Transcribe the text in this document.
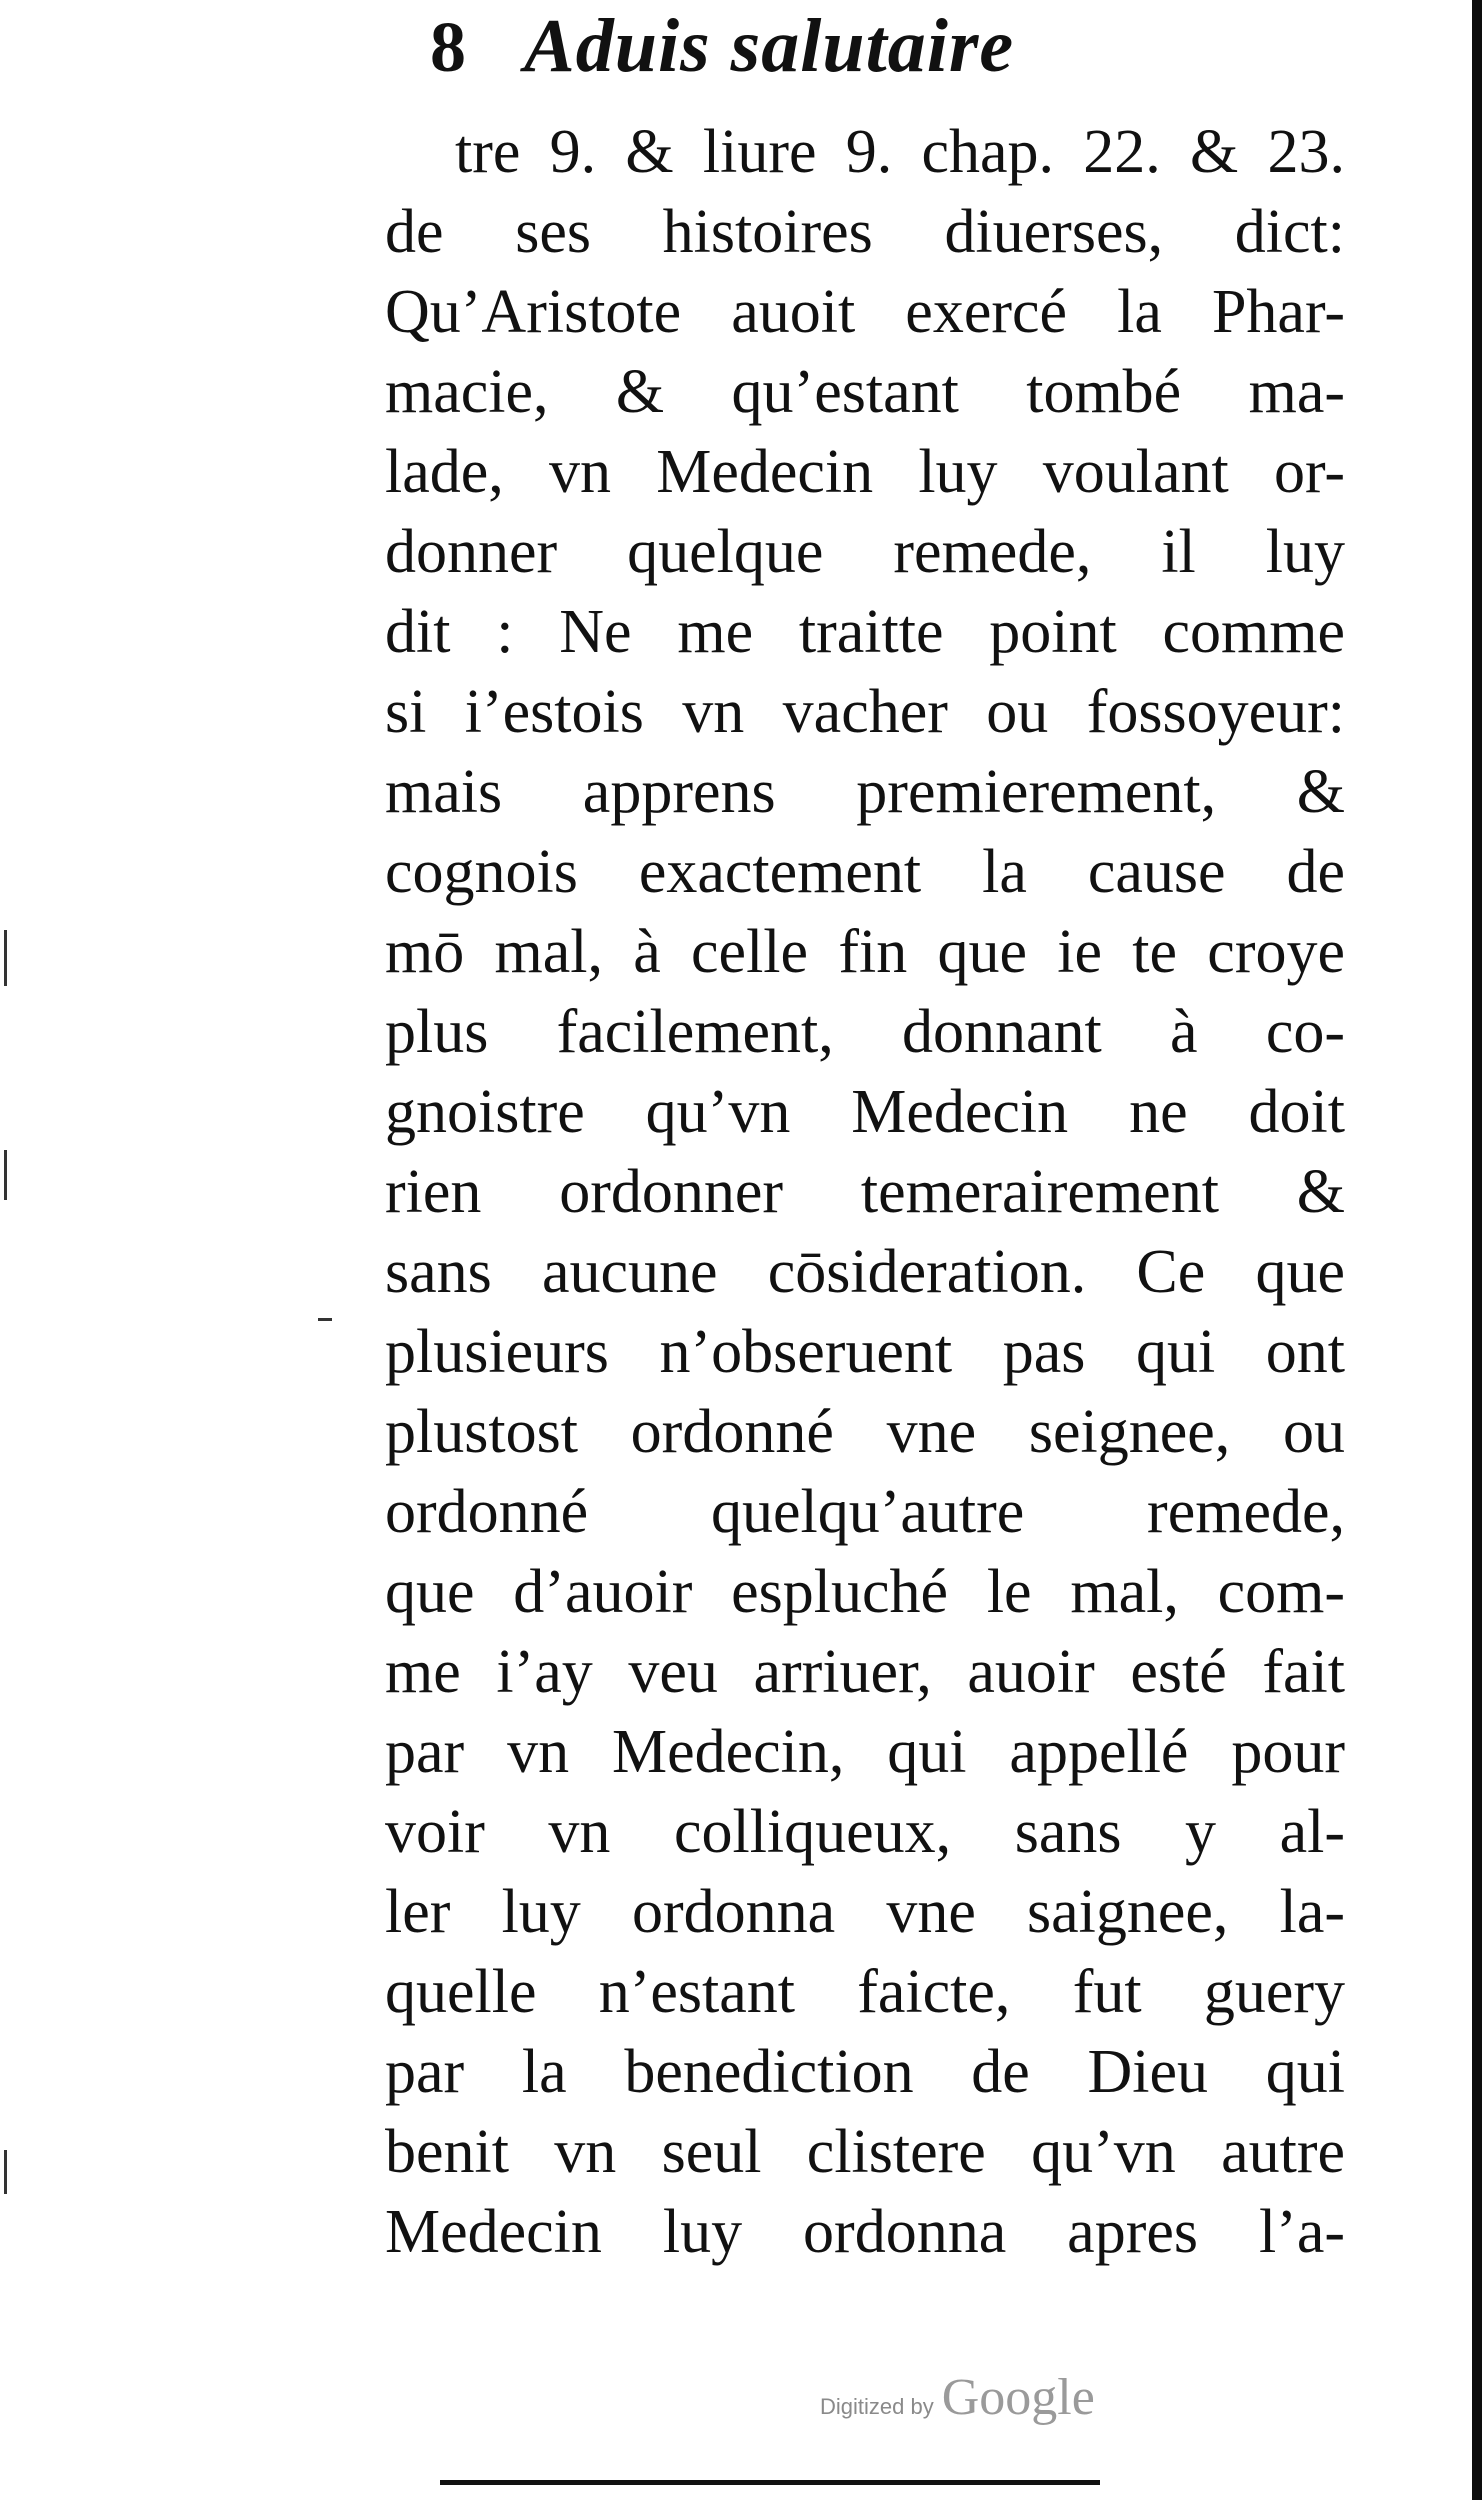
8 Aduis salutaire
tre 9. & liure 9. chap. 22. & 23.
de ses histoires diuerses, dict:
Qu’Aristote auoit exercé la Phar-
macie, & qu’estant tombé ma-
lade, vn Medecin luy voulant or-
donner quelque remede, il luy
dit : Ne me traitte point comme
si i’estois vn vacher ou fossoyeur:
mais apprens premierement, &
cognois exactement la cause de
mō mal, à celle fin que ie te croye
plus facilement, donnant à co-
gnoistre qu’vn Medecin ne doit
rien ordonner temerairement &
sans aucune cōsideration. Ce que
plusieurs n’obseruent pas qui ont
plustost ordonné vne seignee, ou
ordonné quelqu’autre remede,
que d’auoir espluché le mal, com-
me i’ay veu arriuer, auoir esté fait
par vn Medecin, qui appellé pour
voir vn colliqueux, sans y al-
ler luy ordonna vne saignee, la-
quelle n’estant faicte, fut guery
par la benediction de Dieu qui
benit vn seul clistere qu’vn autre
Medecin luy ordonna apres l’a-
Digitized by Google
